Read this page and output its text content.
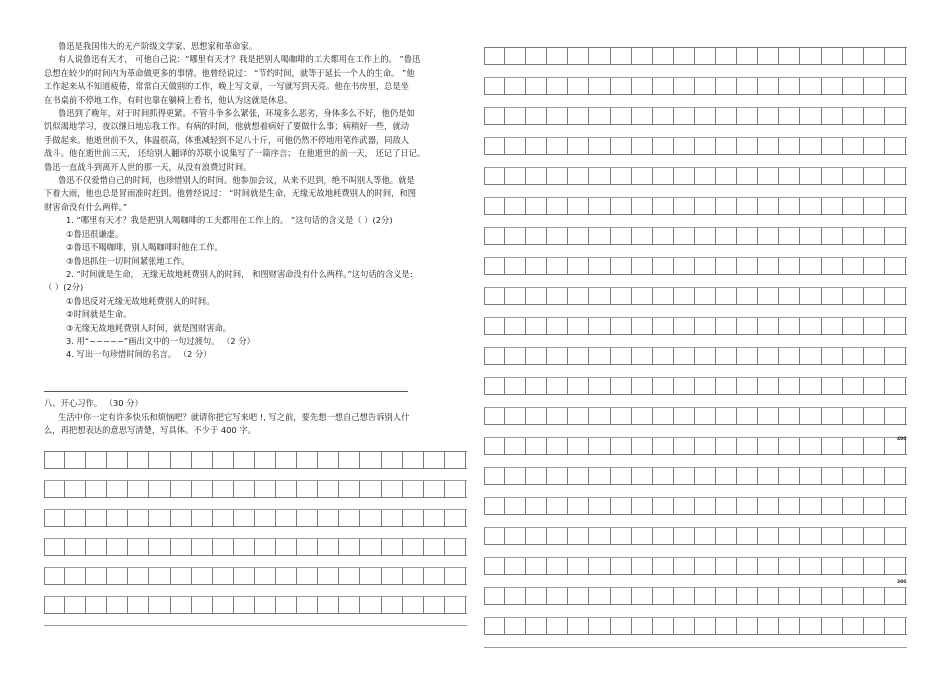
鲁迅是我国伟大的无产阶级文学家、思想家和革命家。

有人说鲁迅有天才， 可他自己说：“哪里有天才？我是把别人喝咖啡的工夫都用在工作上的。 ”鲁迅

总想在较少的时间内为革命做更多的事情。他曾经说过： “节约时间，就等于延长一个人的生命。 ”他

工作起来从不知道疲倦，常常白天做别的工作，晚上写文章，一写就写到天亮。他在书房里，总是坐

在书桌前不停地工作，有时也靠在躺椅上看书，他认为这就是休息。

鲁迅到了晚年，对于时间抓得更紧。不管斗争多么紧张，环境多么恶劣，身体多么不好，他仍是如

饥似渴地学习，夜以继日地忘我工作。有病的时间，他就想着病好了要做什么事；病稍好一些，就动

手做起来。他逝世前不久，体温很高，体重减轻到不足八十斤，可他仍然不停地用笔作武器，同敌人

战斗。他在逝世前三天， 还给别人翻译的苏联小说集写了一篇序言； 在他逝世的前一天， 还记了日记。

鲁迅一直战斗到离开人世的那一天，从没有浪费过时间。

鲁迅不仅爱惜自己的时间，也珍惜别人的时间。他参加会议，从来不迟到，绝不叫别人等他。就是

下着大雨，他也总是冒雨准时赶到。他曾经说过： “时间就是生命，无缘无故地耗费别人的时间，和图

财害命没有什么两样。”

1. “哪里有天才？我是把别人喝咖啡的工夫都用在工作上的。 ”这句话的含义是（ ）(2分)

①鲁迅很谦虚。

②鲁迅不喝咖啡，别人喝咖啡时他在工作。

③鲁迅抓住一切时间紧张地工作。

2. “时间就是生命， 无缘无故地耗费别人的时间， 和图财害命没有什么两样。”这句话的含义是:

（ ）(2分)

①鲁迅反对无缘无故地耗费别人的时间。

②时间就是生命。

③无缘无故地耗费别人时间，就是图财害命。

3. 用“~~~~~”画出文中的一句过渡句。 （2 分）

4. 写出一句珍惜时间的名言。 （2 分）

八、开心习作。 （30 分）

生活中你一定有许多快乐和烦恼吧？就请你把它写来吧 !, 写之前，要先想一想自己想告诉别人什

么，再把想表达的意思写清楚，写具体。不少于 400 字。

400
300
